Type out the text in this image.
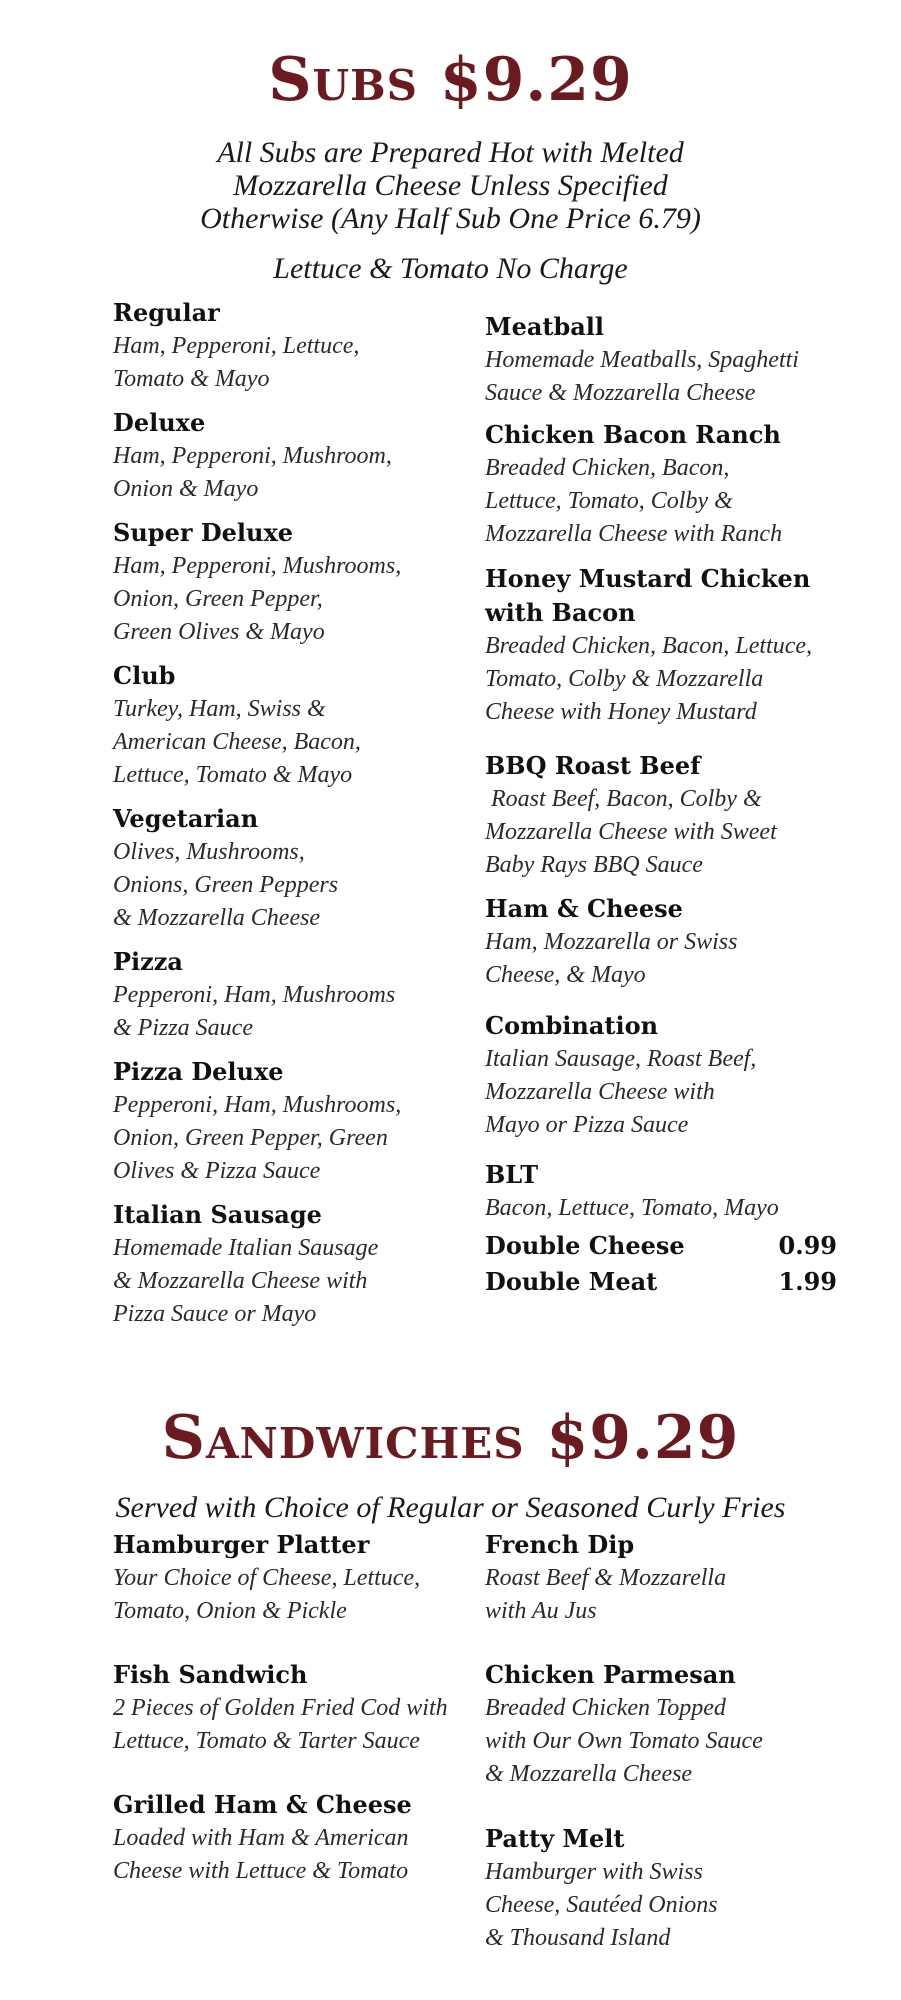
Subs $9.29
All Subs are Prepared Hot with Melted
Mozzarella Cheese Unless Specified
Otherwise (Any Half Sub One Price 6.79)
Lettuce & Tomato No Charge
Regular
Ham, Pepperoni, Lettuce,
Tomato & Mayo
Deluxe
Ham, Pepperoni, Mushroom,
Onion & Mayo
Super Deluxe
Ham, Pepperoni, Mushrooms,
Onion, Green Pepper,
Green Olives & Mayo
Club
Turkey, Ham, Swiss &
American Cheese, Bacon,
Lettuce, Tomato & Mayo
Vegetarian
Olives, Mushrooms,
Onions, Green Peppers
& Mozzarella Cheese
Pizza
Pepperoni, Ham, Mushrooms
& Pizza Sauce
Pizza Deluxe
Pepperoni, Ham, Mushrooms,
Onion, Green Pepper, Green
Olives & Pizza Sauce
Italian Sausage
Homemade Italian Sausage
& Mozzarella Cheese with
Pizza Sauce or Mayo
Meatball
Homemade Meatballs, Spaghetti
Sauce & Mozzarella Cheese
Chicken Bacon Ranch
Breaded Chicken, Bacon,
Lettuce, Tomato, Colby &
Mozzarella Cheese with Ranch
Honey Mustard Chicken
with Bacon
Breaded Chicken, Bacon, Lettuce,
Tomato, Colby & Mozzarella
Cheese with Honey Mustard
BBQ Roast Beef
Roast Beef, Bacon, Colby &
Mozzarella Cheese with Sweet
Baby Rays BBQ Sauce
Ham & Cheese
Ham, Mozzarella or Swiss
Cheese, & Mayo
Combination
Italian Sausage, Roast Beef,
Mozzarella Cheese with
Mayo or Pizza Sauce
BLT
Bacon, Lettuce, Tomato, Mayo
Double Cheese	0.99
Double Meat	1.99
Sandwiches $9.29
Served with Choice of Regular or Seasoned Curly Fries
Hamburger Platter
Your Choice of Cheese, Lettuce,
Tomato, Onion & Pickle
Fish Sandwich
2 Pieces of Golden Fried Cod with
Lettuce, Tomato & Tarter Sauce
Grilled Ham & Cheese
Loaded with Ham & American
Cheese with Lettuce & Tomato
French Dip
Roast Beef & Mozzarella
with Au Jus
Chicken Parmesan
Breaded Chicken Topped
with Our Own Tomato Sauce
& Mozzarella Cheese
Patty Melt
Hamburger with Swiss
Cheese, Sautéed Onions
& Thousand Island
